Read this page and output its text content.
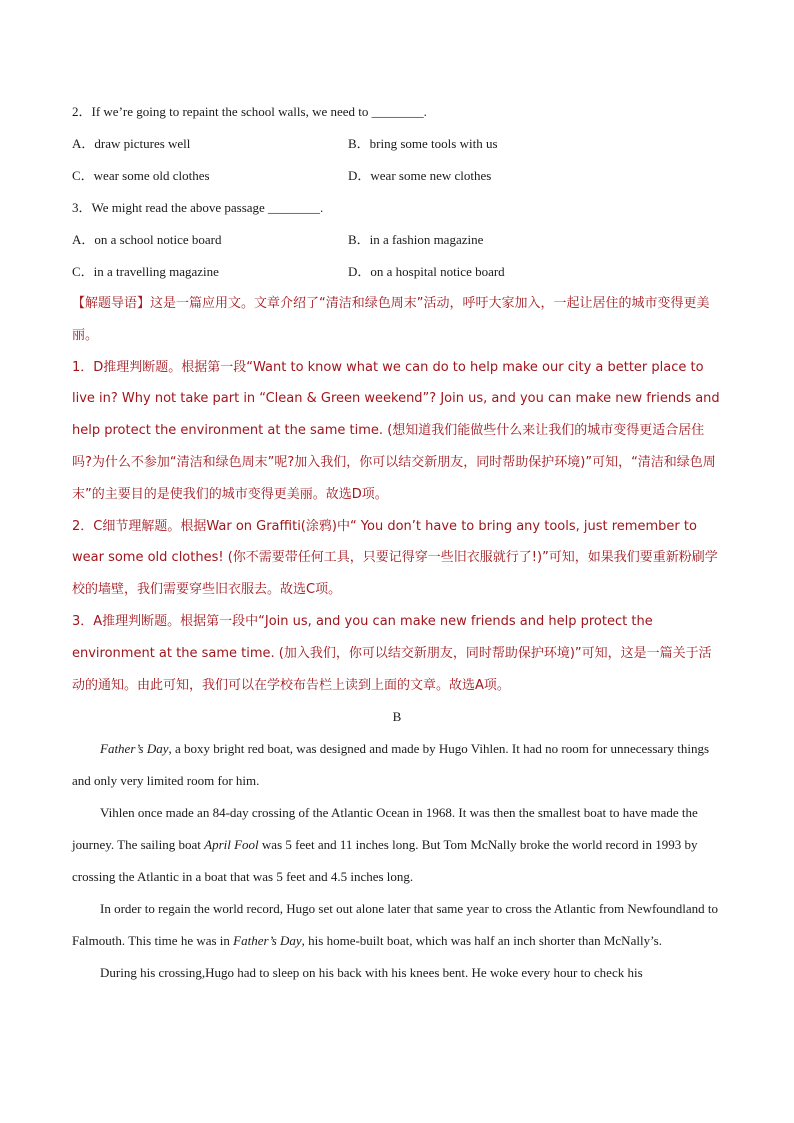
2．If we’re going to repaint the school walls, we need to ________.
A．draw pictures well	B．bring some tools with us
C．wear some old clothes	D．wear some new clothes
3．We might read the above passage ________.
A．on a school notice board	B．in a fashion magazine
C．in a travelling magazine	D．on a hospital notice board
【解题导语】这是一篇应用文。文章介绍了“清洁和绿色周末”活动，呼吁大家加入，一起让居住的城市变得更美丽。
1．D推理判断题。根据第一段“Want to know what we can do to help make our city a better place to live in? Why not take part in “Clean & Green weekend”? Join us, and you can make new friends and help protect the environment at the same time. (想知道我们能做些什么来让我们的城市变得更适合居住吗?为什么不参加“清洁和绿色周末”呢?加入我们，你可以结交新朋友，同时帮助保护环境)”可知，“清洁和绿色周末”的主要目的是使我们的城市变得更美丽。故选D项。
2．C细节理解题。根据War on Graffiti(涂鸦)中“ You don’t have to bring any tools, just remember to wear some old clothes! (你不需要带任何工具，只要记得穿一些旧衣服就行了!)”可知，如果我们要重新粉刷学校的墙壁，我们需要穿些旧衣服去。故选C项。
3．A推理判断题。根据第一段中“Join us, and you can make new friends and help protect the environment at the same time. (加入我们，你可以结交新朋友，同时帮助保护环境)”可知，这是一篇关于活动的通知。由此可知，我们可以在学校布告栏上读到上面的文章。故选A项。
B
Father’s Day, a boxy bright red boat, was designed and made by Hugo Vihlen. It had no room for unnecessary things and only very limited room for him.
Vihlen once made an 84-day crossing of the Atlantic Ocean in 1968. It was then the smallest boat to have made the journey. The sailing boat April Fool was 5 feet and 11 inches long. But Tom McNally broke the world record in 1993 by crossing the Atlantic in a boat that was 5 feet and 4.5 inches long.
In order to regain the world record, Hugo set out alone later that same year to cross the Atlantic from Newfoundland to Falmouth. This time he was in Father’s Day, his home-built boat, which was half an inch shorter than McNally’s.
During his crossing,Hugo had to sleep on his back with his knees bent. He woke every hour to check his
